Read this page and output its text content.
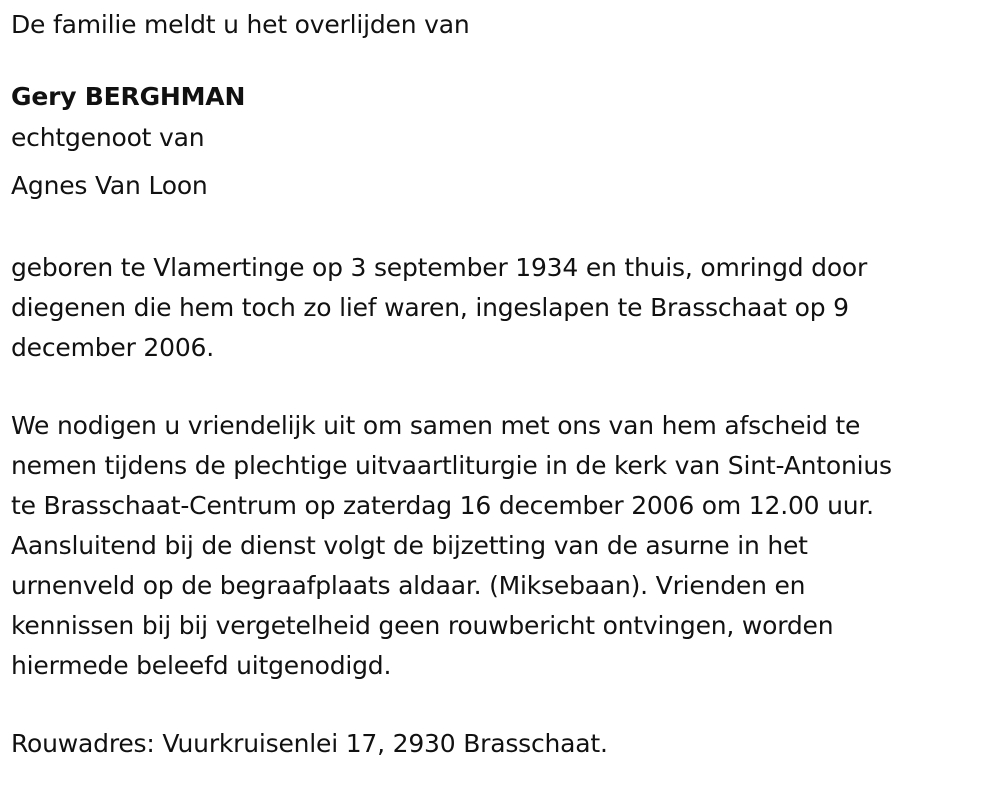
De familie meldt u het overlijden van
Gery BERGHMAN
echtgenoot van
Agnes Van Loon
geboren te Vlamertinge op 3 september 1934 en thuis, omringd door
diegenen die hem toch zo lief waren, ingeslapen te Brasschaat op 9
december 2006.
We nodigen u vriendelijk uit om samen met ons van hem afscheid te
nemen tijdens de plechtige uitvaartliturgie in de kerk van Sint-Antonius
te Brasschaat-Centrum op zaterdag 16 december 2006 om 12.00 uur.
Aansluitend bij de dienst volgt de bijzetting van de asurne in het
urnenveld op de begraafplaats aldaar. (Miksebaan). Vrienden en
kennissen bij bij vergetelheid geen rouwbericht ontvingen, worden
hiermede beleefd uitgenodigd.
Rouwadres: Vuurkruisenlei 17, 2930 Brasschaat.
